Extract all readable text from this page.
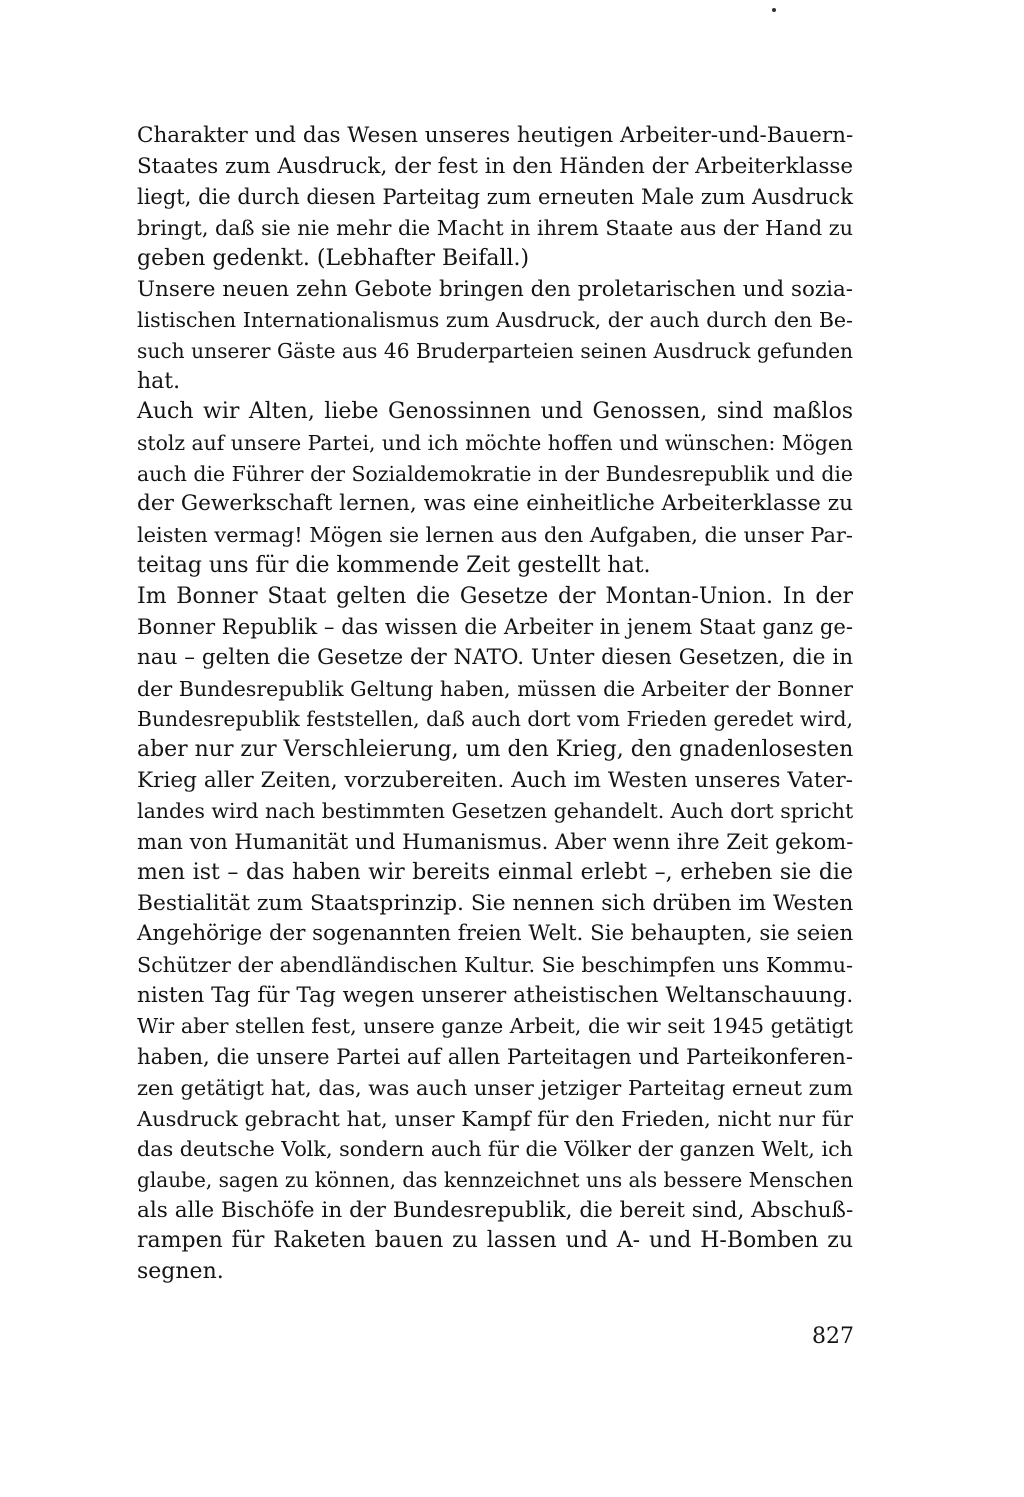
Charakter und das Wesen unseres heutigen Arbeiter-und-Bauern-
Staates zum Ausdruck, der fest in den Händen der Arbeiterklasse
liegt, die durch diesen Parteitag zum erneuten Male zum Ausdruck
bringt, daß sie nie mehr die Macht in ihrem Staate aus der Hand zu
geben gedenkt. (Lebhafter Beifall.)
Unsere neuen zehn Gebote bringen den proletarischen und sozia-
listischen Internationalismus zum Ausdruck, der auch durch den Be-
such unserer Gäste aus 46 Bruderparteien seinen Ausdruck gefunden
hat.
Auch wir Alten, liebe Genossinnen und Genossen, sind maßlos
stolz auf unsere Partei, und ich möchte hoffen und wünschen: Mögen
auch die Führer der Sozialdemokratie in der Bundesrepublik und die
der Gewerkschaft lernen, was eine einheitliche Arbeiterklasse zu
leisten vermag! Mögen sie lernen aus den Aufgaben, die unser Par-
teitag uns für die kommende Zeit gestellt hat.
Im Bonner Staat gelten die Gesetze der Montan-Union. In der
Bonner Republik – das wissen die Arbeiter in jenem Staat ganz ge-
nau – gelten die Gesetze der NATO. Unter diesen Gesetzen, die in
der Bundesrepublik Geltung haben, müssen die Arbeiter der Bonner
Bundesrepublik feststellen, daß auch dort vom Frieden geredet wird,
aber nur zur Verschleierung, um den Krieg, den gnadenlosesten
Krieg aller Zeiten, vorzubereiten. Auch im Westen unseres Vater-
landes wird nach bestimmten Gesetzen gehandelt. Auch dort spricht
man von Humanität und Humanismus. Aber wenn ihre Zeit gekom-
men ist – das haben wir bereits einmal erlebt –, erheben sie die
Bestialität zum Staatsprinzip. Sie nennen sich drüben im Westen
Angehörige der sogenannten freien Welt. Sie behaupten, sie seien
Schützer der abendländischen Kultur. Sie beschimpfen uns Kommu-
nisten Tag für Tag wegen unserer atheistischen Weltanschauung.
Wir aber stellen fest, unsere ganze Arbeit, die wir seit 1945 getätigt
haben, die unsere Partei auf allen Parteitagen und Parteikonferen-
zen getätigt hat, das, was auch unser jetziger Parteitag erneut zum
Ausdruck gebracht hat, unser Kampf für den Frieden, nicht nur für
das deutsche Volk, sondern auch für die Völker der ganzen Welt, ich
glaube, sagen zu können, das kennzeichnet uns als bessere Menschen
als alle Bischöfe in der Bundesrepublik, die bereit sind, Abschuß-
rampen für Raketen bauen zu lassen und A- und H-Bomben zu
segnen.
827
